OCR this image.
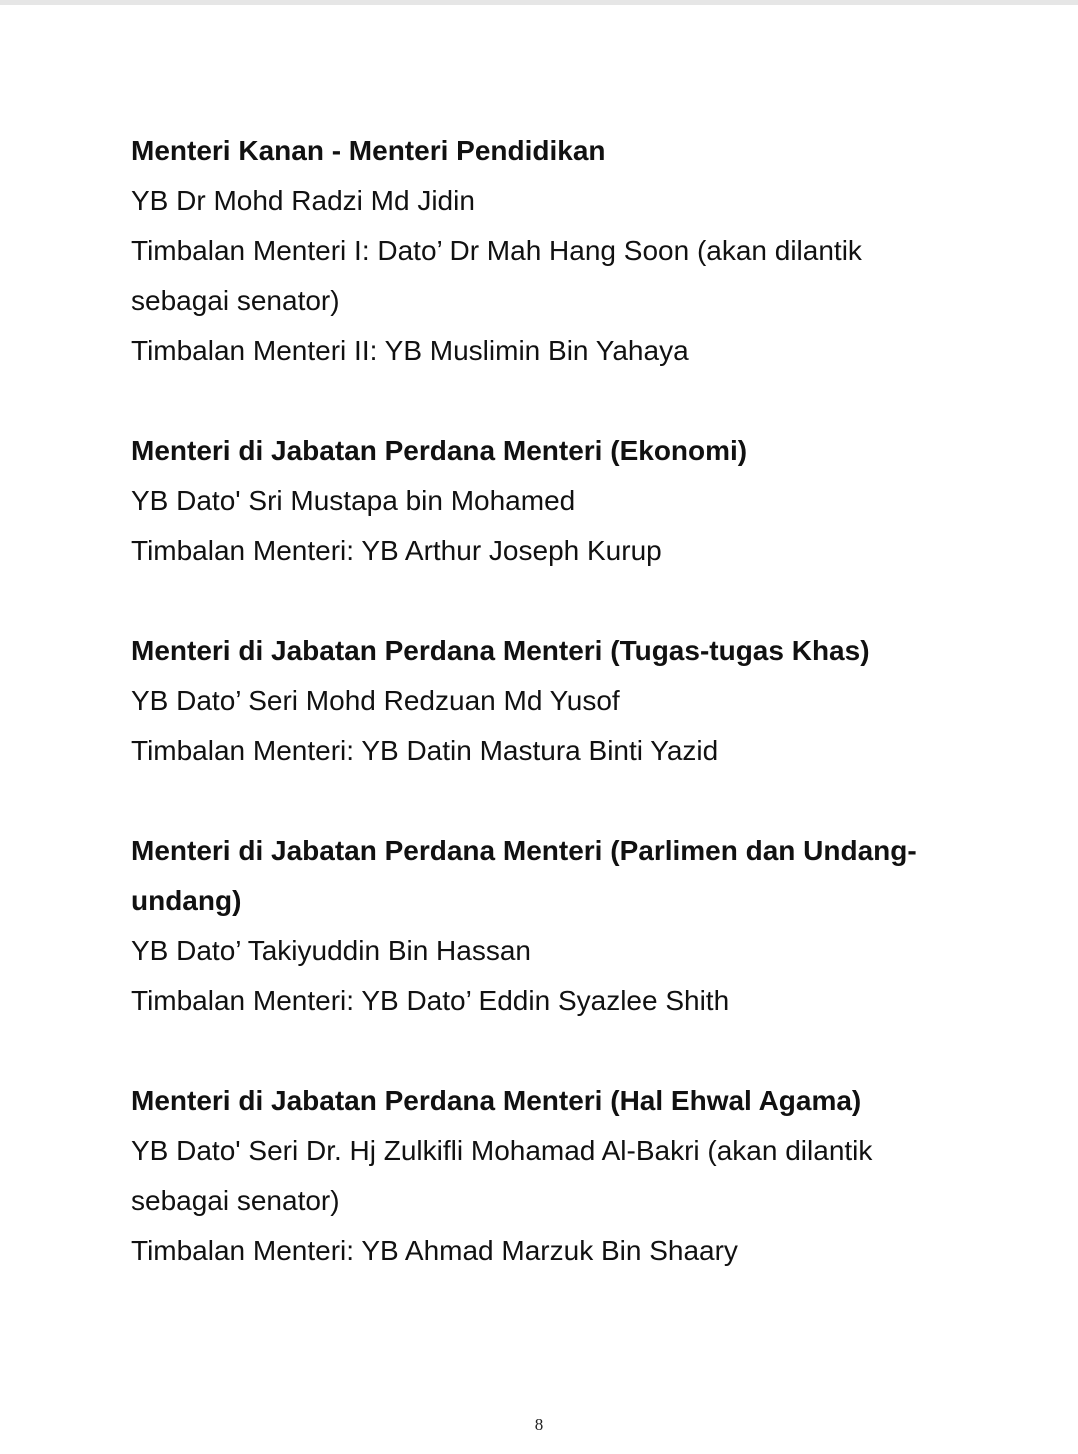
Menteri Kanan - Menteri Pendidikan
YB Dr Mohd Radzi Md Jidin
Timbalan Menteri I: Dato’ Dr Mah Hang Soon (akan dilantik
sebagai senator)
Timbalan Menteri II: YB Muslimin Bin Yahaya
Menteri di Jabatan Perdana Menteri (Ekonomi)
YB Dato' Sri Mustapa bin Mohamed
Timbalan Menteri: YB Arthur Joseph Kurup
Menteri di Jabatan Perdana Menteri (Tugas-tugas Khas)
YB Dato’ Seri Mohd Redzuan Md Yusof
Timbalan Menteri: YB Datin Mastura Binti Yazid
Menteri di Jabatan Perdana Menteri (Parlimen dan Undang-
undang)
YB Dato’ Takiyuddin Bin Hassan
Timbalan Menteri: YB Dato’ Eddin Syazlee Shith
Menteri di Jabatan Perdana Menteri (Hal Ehwal Agama)
YB Dato' Seri Dr. Hj Zulkifli Mohamad Al-Bakri (akan dilantik
sebagai senator)
Timbalan Menteri: YB Ahmad Marzuk Bin Shaary
8
